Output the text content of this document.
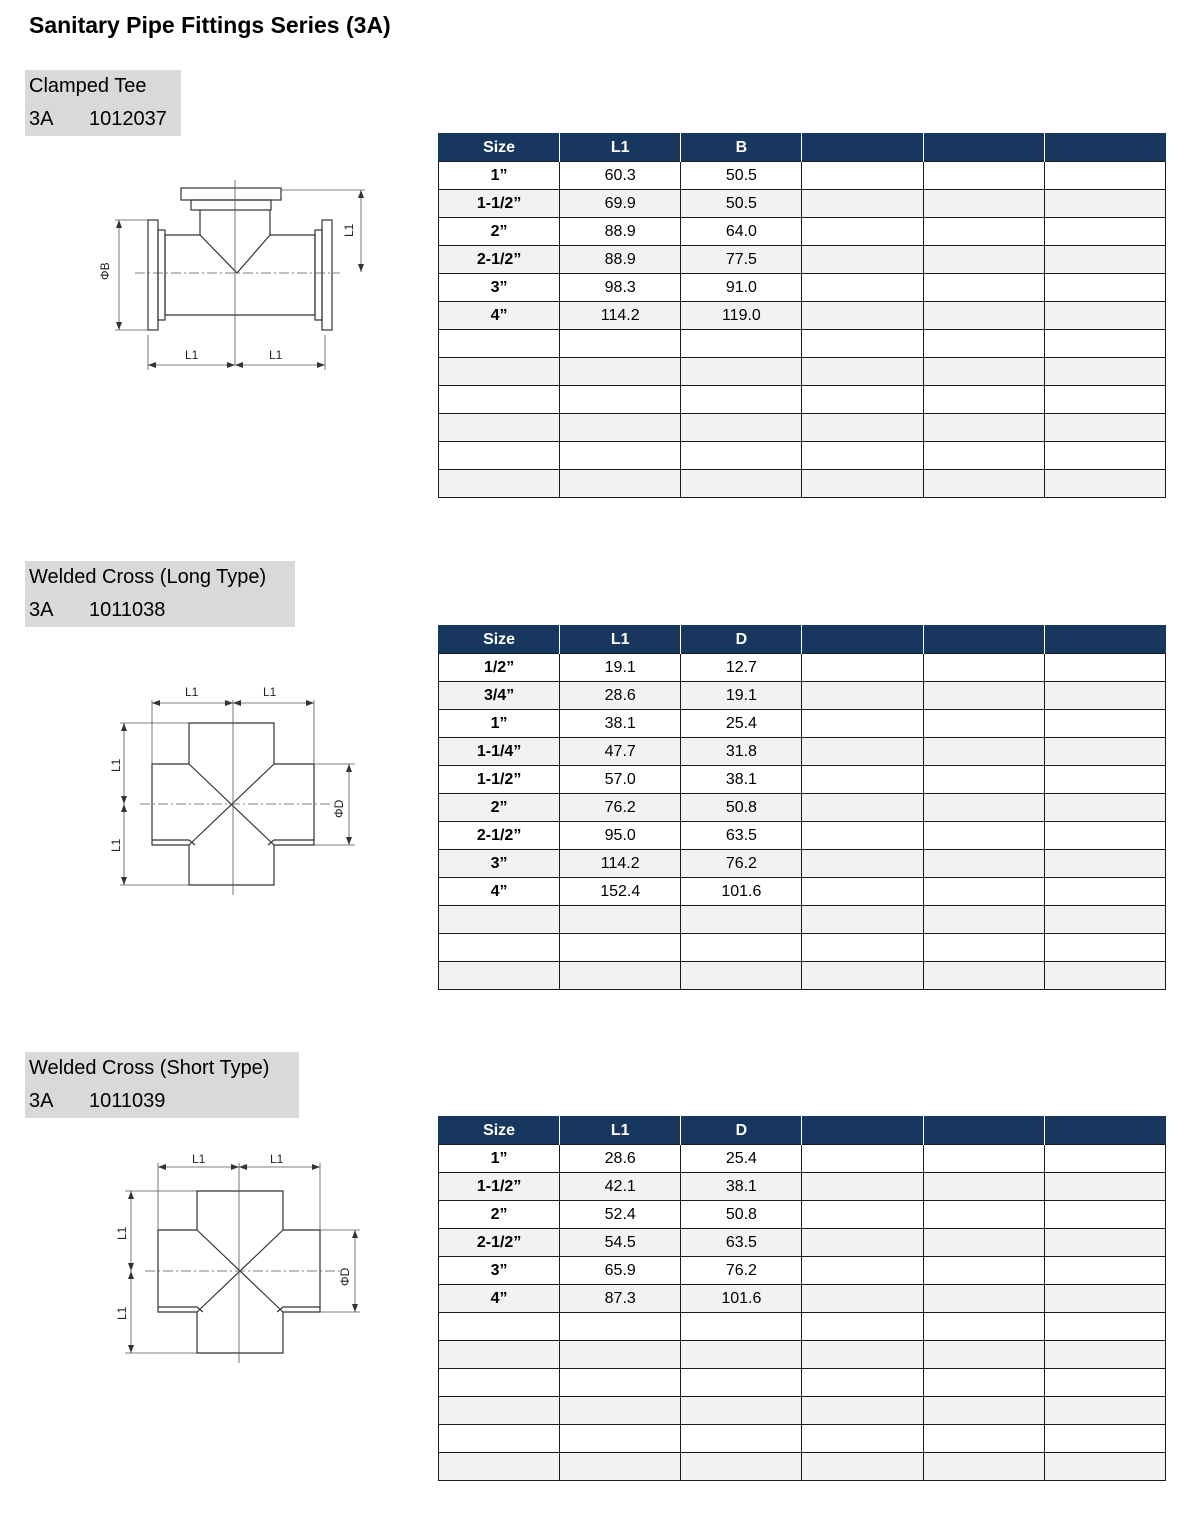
Sanitary Pipe Fittings Series (3A)
Clamped Tee
3A 1012037
ΦB
L1
L1	L1
Size	L1	B			
1”	60.3	50.5			
1-1/2”	69.9	50.5			
2”	88.9	64.0			
2-1/2”	88.9	77.5			
3”	98.3	91.0			
4”	114.2	119.0			

Welded Cross (Long Type)
3A 1011038
L1	L1
L1
L1
ΦD
Size	L1	D			
1/2”	19.1	12.7			
3/4”	28.6	19.1			
1”	38.1	25.4			
1-1/4”	47.7	31.8			
1-1/2”	57.0	38.1			
2”	76.2	50.8			
2-1/2”	95.0	63.5			
3”	114.2	76.2			
4”	152.4	101.6			

Welded Cross (Short Type)
3A 1011039
L1	L1
L1
L1
ΦD
Size	L1	D			
1”	28.6	25.4			
1-1/2”	42.1	38.1			
2”	52.4	50.8			
2-1/2”	54.5	63.5			
3”	65.9	76.2			
4”	87.3	101.6			
